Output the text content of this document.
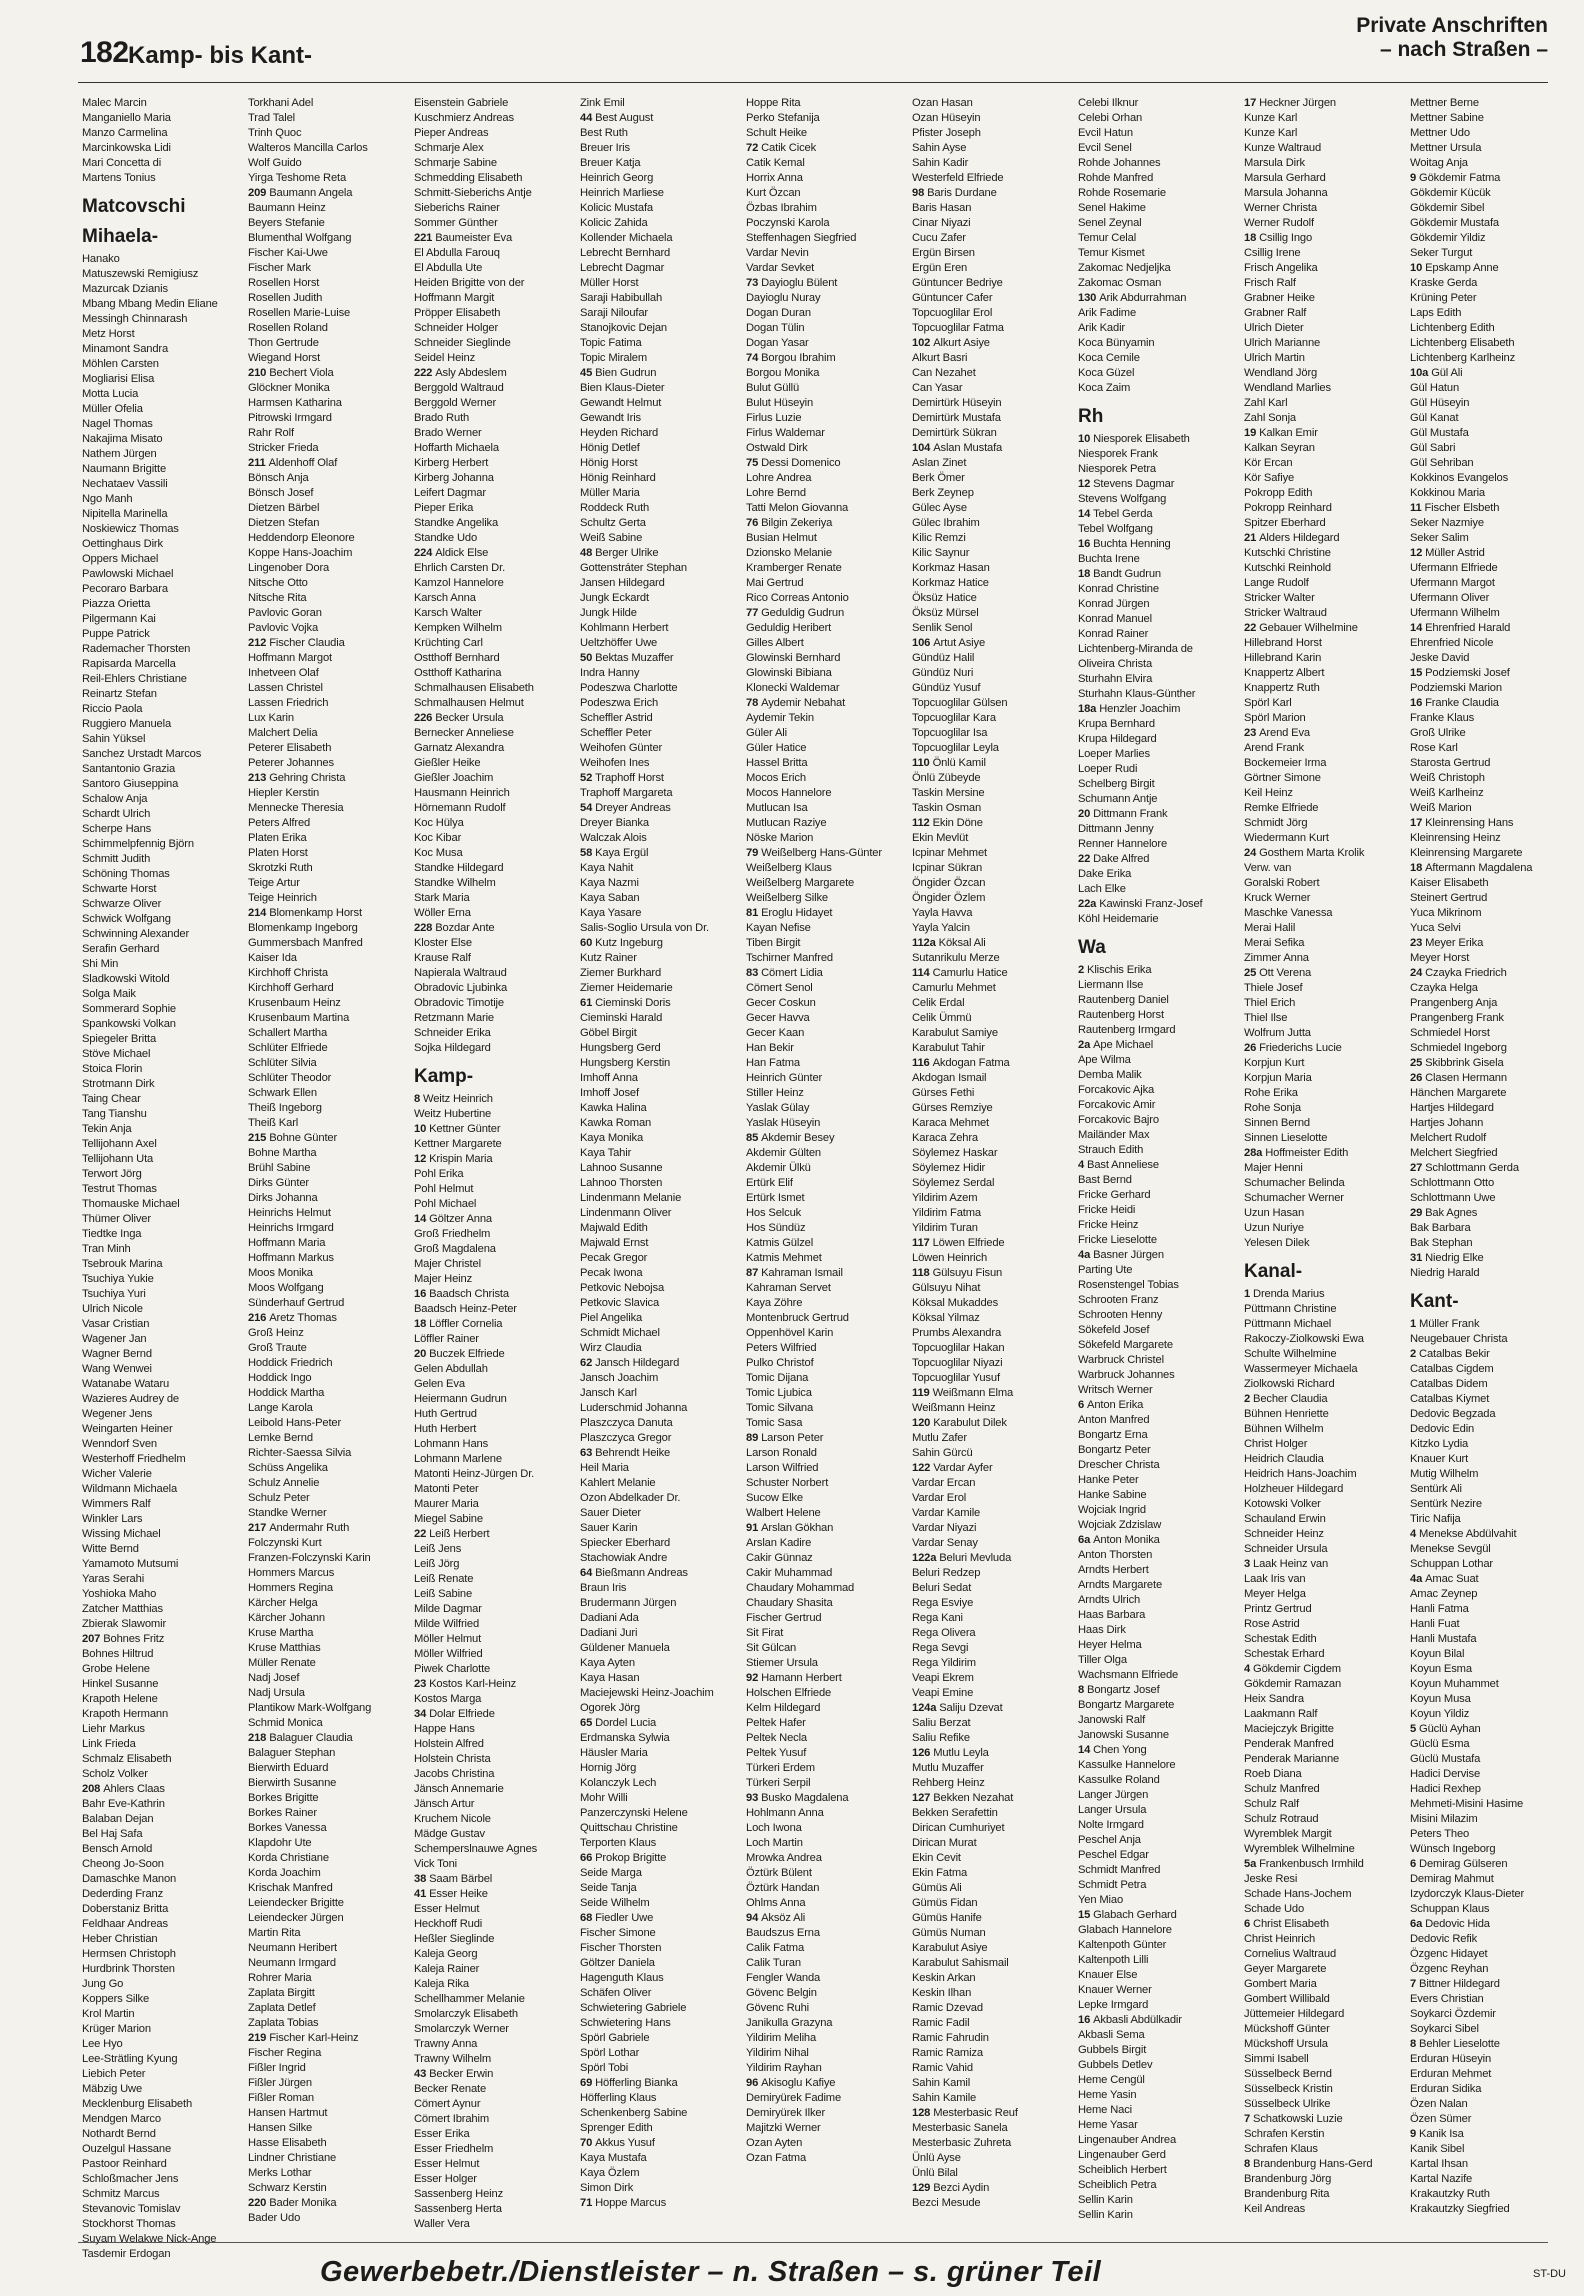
182 Kamp- bis Kant-
Private Anschriften
– nach Straßen –
Malec Marcin
Manganiello Maria
Manzo Carmelina
Marcinkowska Lidi
Mari Concetta di
Martens Tonius
Matcovschi Mihaela-
Hanako
Matuszewski Remigiusz
Mazurcak Dzianis
Mbang Mbang Medin Eliane
Messingh Chinnarash
Metz Horst
Minamont Sandra
Möhlen Carsten
Mogliarisi Elisa
Motta Lucia
Müller Ofelia
Nagel Thomas
Nakajima Misato
Nathem Jürgen
Naumann Brigitte
Nechataev Vassili
Ngo Manh
Nipitella Marinella
Noskiewicz Thomas
Oettinghaus Dirk
Oppers Michael
Pawlowski Michael
Pecoraro Barbara
Piazza Orietta
Pilgermann Kai
Puppe Patrick
Rademacher Thorsten
Rapisarda Marcella
Reil-Ehlers Christiane
Reinartz Stefan
Riccio Paola
Ruggiero Manuela
Sahin Yüksel
Sanchez Urstadt Marcos
Santantonio Grazia
Santoro Giuseppina
Schalow Anja
Schardt Ulrich
Scherpe Hans
Schimmelpfennig Björn
Schmitt Judith
Schöning Thomas
Schwarte Horst
Schwarze Oliver
Schwick Wolfgang
Schwinning Alexander
Serafin Gerhard
Shi Min
Sladkowski Witold
Solga Maik
Sommerard Sophie
Spankowski Volkan
Spiegeler Britta
Stöve Michael
Stoica Florin
Strotmann Dirk
Taing Chear
Tang Tianshu
Tekin Anja
Tellijohann Axel
Tellijohann Uta
Terwort Jörg
Testrut Thomas
Thomauske Michael
Thümer Oliver
Tiedtke Inga
Tran Minh
Tsebrouk Marina
Tsuchiya Yukie
Tsuchiya Yuri
Ulrich Nicole
Vasar Cristian
Wagener Jan
Wagner Bernd
Wang Wenwei
Watanabe Wataru
Wazieres Audrey de
Wegener Jens
Weingarten Heiner
Wenndorf Sven
Westerhoff Friedhelm
Wicher Valerie
Wildmann Michaela
Wimmers Ralf
Winkler Lars
Wissing Michael
Witte Bernd
Yamamoto Mutsumi
Yaras Serahi
Yoshioka Maho
Zatcher Matthias
Zbierak Slawomir
207 Bohnes Fritz
Bohnes Hiltrud
Grobe Helene
Hinkel Susanne
Krapoth Helene
Krapoth Hermann
Liehr Markus
Link Frieda
Schmalz Elisabeth
Scholz Volker
208 Ahlers Claas
Bahr Eve-Kathrin
Balaban Dejan
Bel Haj Safa
Bensch Arnold
Cheong Jo-Soon
Damaschke Manon
Dederding Franz
Doberstaniz Britta
Feldhaar Andreas
Heber Christian
Hermsen Christoph
Hurdbrink Thorsten
Jung Go
Koppers Silke
Krol Martin
Krüger Marion
Lee Hyo
Lee-Strätling Kyung
Liebich Peter
Mäbzig Uwe
Mecklenburg Elisabeth
Mendgen Marco
Nothardt Bernd
Ouzelgul Hassane
Pastoor Reinhard
Schloßmacher Jens
Schmitz Marcus
Stevanovic Tomislav
Stockhorst Thomas
Suyam Welakwe Nick-Ange
Tasdemir Erdogan
Torkhani Adel
Trad Talel
Trinh Quoc
Walteros Mancilla Carlos
Wolf Guido
Yirga Teshome Reta
209 Baumann Angela
Baumann Heinz
Beyers Stefanie
Blumenthal Wolfgang
Fischer Kai-Uwe
Fischer Mark
Rosellen Horst
Rosellen Judith
Rosellen Marie-Luise
Rosellen Roland
Thon Gertrude
Wiegand Horst
210 Bechert Viola
Glöckner Monika
Harmsen Katharina
Pitrowski Irmgard
Rahr Rolf
Stricker Frieda
211 Aldenhoff Olaf
Bönsch Anja
Bönsch Josef
Dietzen Bärbel
Dietzen Stefan
Heddendorp Eleonore
Koppe Hans-Joachim
Lingenober Dora
Nitsche Otto
Nitsche Rita
Pavlovic Goran
Pavlovic Vojka
212 Fischer Claudia
Hoffmann Margot
Inhetveen Olaf
Lassen Christel
Lassen Friedrich
Lux Karin
Malchert Delia
Peterer Elisabeth
Peterer Johannes
213 Gehring Christa
Hiepler Kerstin
Mennecke Theresia
Peters Alfred
Platen Erika
Platen Horst
Skrotzki Ruth
Teige Artur
Teige Heinrich
214 Blomenkamp Horst
Blomenkamp Ingeborg
Gummersbach Manfred
Kaiser Ida
Kirchhoff Christa
Kirchhoff Gerhard
Krusenbaum Heinz
Krusenbaum Martina
Schallert Martha
Schlüter Elfriede
Schlüter Silvia
Schlüter Theodor
Schwark Ellen
Theiß Ingeborg
Theiß Karl
215 Bohne Günter
Bohne Martha
Brühl Sabine
Dirks Günter
Dirks Johanna
Heinrichs Helmut
Heinrichs Irmgard
Hoffmann Maria
Hoffmann Markus
Moos Monika
Moos Wolfgang
Sünderhauf Gertrud
216 Aretz Thomas
Groß Heinz
Groß Traute
Hoddick Friedrich
Hoddick Ingo
Hoddick Martha
Lange Karola
Leibold Hans-Peter
Lemke Bernd
Richter-Saessa Silvia
Schüss Angelika
Schulz Annelie
Schulz Peter
Standke Werner
217 Andermahr Ruth
Folczynski Kurt
Franzen-Folczynski Karin
Hommers Marcus
Hommers Regina
Kärcher Helga
Kärcher Johann
Kruse Martha
Kruse Matthias
Müller Renate
Nadj Josef
Nadj Ursula
Plantikow Mark-Wolfgang
Schmid Monica
218 Balaguer Claudia
Balaguer Stephan
Bierwirth Eduard
Bierwirth Susanne
Borkes Brigitte
Borkes Rainer
Borkes Vanessa
Klapdohr Ute
Korda Christiane
Korda Joachim
Krischak Manfred
Leiendecker Brigitte
Leiendecker Jürgen
Martin Rita
Neumann Heribert
Neumann Irmgard
Rohrer Maria
Zaplata Birgitt
Zaplata Detlef
Zaplata Tobias
219 Fischer Karl-Heinz
Fischer Regina
Fißler Ingrid
Fißler Jürgen
Fißler Roman
Hansen Hartmut
Hansen Silke
Hasse Elisabeth
Lindner Christiane
Merks Lothar
Schwarz Kerstin
220 Bader Monika
Bader Udo
Eisenstein Gabriele
Kuschmierz Andreas
Pieper Andreas
Schmarje Alex
Schmarje Sabine
Schmedding Elisabeth
Schmitt-Sieberichs Antje
Sieberichs Rainer
Sommer Günther
221 Baumeister Eva
El Abdulla Farouq
El Abdulla Ute
Heiden Brigitte von der
Hoffmann Margit
Pröpper Elisabeth
Schneider Holger
Schneider Sieglinde
Seidel Heinz
222 Asly Abdeslem
Berggold Waltraud
Berggold Werner
Brado Ruth
Brado Werner
Hoffarth Michaela
Kirberg Herbert
Kirberg Johanna
Leifert Dagmar
Pieper Erika
Standke Angelika
Standke Udo
224 Aldick Else
Ehrlich Carsten Dr.
Kamzol Hannelore
Karsch Anna
Karsch Walter
Kempken Wilhelm
Krüchting Carl
Ostthoff Bernhard
Ostthoff Katharina
Schmalhausen Elisabeth
Schmalhausen Helmut
226 Becker Ursula
Bernecker Anneliese
Garnatz Alexandra
Gießler Heike
Gießler Joachim
Hausmann Heinrich
Hörnemann Rudolf
Koc Hülya
Koc Kibar
Koc Musa
Standke Hildegard
Standke Wilhelm
Stark Maria
Wöller Erna
228 Bozdar Ante
Kloster Else
Krause Ralf
Napierala Waltraud
Obradovic Ljubinka
Obradovic Timotije
Retzmann Marie
Schneider Erika
Sojka Hildegard
Kamp-
8 Weitz Heinrich
Weitz Hubertine
10 Kettner Günter
Kettner Margarete
12 Krispin Maria
Pohl Erika
Pohl Helmut
Pohl Michael
14 Göltzer Anna
Groß Friedhelm
Groß Magdalena
Majer Christel
Majer Heinz
16 Baadsch Christa
Baadsch Heinz-Peter
18 Löffler Cornelia
Löffler Rainer
20 Buczek Elfriede
Gelen Abdullah
Gelen Eva
Heiermann Gudrun
Huth Gertrud
Huth Herbert
Lohmann Hans
Lohmann Marlene
Matonti Heinz-Jürgen Dr.
Matonti Peter
Maurer Maria
Miegel Sabine
22 Leiß Herbert
Leiß Jens
Leiß Jörg
Leiß Renate
Leiß Sabine
Milde Dagmar
Milde Wilfried
Möller Helmut
Möller Wilfried
Piwek Charlotte
23 Kostos Karl-Heinz
Kostos Marga
34 Dolar Elfriede
Happe Hans
Holstein Alfred
Holstein Christa
Jacobs Christina
Jänsch Annemarie
Jänsch Artur
Kruchem Nicole
Mädge Gustav
Schemperslnauwe Agnes
Vick Toni
38 Saam Bärbel
41 Esser Heike
Esser Helmut
Heckhoff Rudi
Heßler Sieglinde
Kaleja Georg
Kaleja Rainer
Kaleja Rika
Schellhammer Melanie
Smolarczyk Elisabeth
Smolarczyk Werner
Trawny Anna
Trawny Wilhelm
43 Becker Erwin
Becker Renate
Cömert Aynur
Cömert Ibrahim
Esser Erika
Esser Friedhelm
Esser Helmut
Esser Holger
Sassenberg Heinz
Sassenberg Herta
Waller Vera
Zink Emil
44 Best August
Best Ruth
Breuer Iris
Breuer Katja
Heinrich Georg
Heinrich Marliese
Kolicic Mustafa
Kolicic Zahida
Kollender Michaela
Lebrecht Bernhard
Lebrecht Dagmar
Müller Horst
Saraji Habibullah
Saraji Niloufar
Stanojkovic Dejan
Topic Fatima
Topic Miralem
45 Bien Gudrun
Bien Klaus-Dieter
Gewandt Helmut
Gewandt Iris
Heyden Richard
Hönig Detlef
Hönig Horst
Hönig Reinhard
Müller Maria
Roddeck Ruth
Schultz Gerta
Weiß Sabine
48 Berger Ulrike
Gottenstráter Stephan
Jansen Hildegard
Jungk Eckardt
Jungk Hilde
Kohlmann Herbert
Ueltzhöffer Uwe
50 Bektas Muzaffer
Indra Hanny
Podeszwa Charlotte
Podeszwa Erich
Scheffler Astrid
Scheffler Peter
Weihofen Günter
Weihofen Ines
52 Traphoff Horst
Traphoff Margareta
54 Dreyer Andreas
Dreyer Bianka
Walczak Alois
58 Kaya Ergül
Kaya Nahit
Kaya Nazmi
Kaya Saban
Kaya Yasare
Salis-Soglio Ursula von Dr.
60 Kutz Ingeburg
Kutz Rainer
Ziemer Burkhard
Ziemer Heidemarie
61 Cieminski Doris
Cieminski Harald
Göbel Birgit
Hungsberg Gerd
Hungsberg Kerstin
Imhoff Anna
Imhoff Josef
Kawka Halina
Kawka Roman
Kaya Monika
Kaya Tahir
Lahnoo Susanne
Lahnoo Thorsten
Lindenmann Melanie
Lindenmann Oliver
Majwald Edith
Majwald Ernst
Pecak Gregor
Pecak Iwona
Petkovic Nebojsa
Petkovic Slavica
Piel Angelika
Schmidt Michael
Wirz Claudia
62 Jansch Hildegard
Jansch Joachim
Jansch Karl
Luderschmid Johanna
Plaszczyca Danuta
Plaszczyca Gregor
63 Behrendt Heike
Heil Maria
Kahlert Melanie
Ozon Abdelkader Dr.
Sauer Dieter
Sauer Karin
Spiecker Eberhard
Stachowiak Andre
64 Bießmann Andreas
Braun Iris
Brudermann Jürgen
Dadiani Ada
Dadiani Juri
Güldener Manuela
Kaya Ayten
Kaya Hasan
Maciejewski Heinz-Joachim
Ogorek Jörg
65 Dordel Lucia
Erdmanska Sylwia
Häusler Maria
Hornig Jörg
Kolanczyk Lech
Mohr Willi
Panzerczynski Helene
Quittschau Christine
Terporten Klaus
66 Prokop Brigitte
Seide Marga
Seide Tanja
Seide Wilhelm
68 Fiedler Uwe
Fischer Simone
Fischer Thorsten
Göltzer Daniela
Hagenguth Klaus
Schäfen Oliver
Schwietering Gabriele
Schwietering Hans
Spörl Gabriele
Spörl Lothar
Spörl Tobi
69 Höfferling Bianka
Höfferling Klaus
Schenkenberg Sabine
Sprenger Edith
70 Akkus Yusuf
Kaya Mustafa
Kaya Özlem
Simon Dirk
71 Hoppe Marcus
Hoppe Rita
Perko Stefanija
Schult Heike
72 Catik Cicek
Catik Kemal
Horrix Anna
Kurt Özcan
Özbas Ibrahim
Poczynski Karola
Steffenhagen Siegfried
Vardar Nevin
Vardar Sevket
73 Dayioglu Bülent
Dayioglu Nuray
Dogan Duran
Dogan Tülin
Dogan Yasar
74 Borgou Ibrahim
Borgou Monika
Bulut Güllü
Bulut Hüseyin
Firlus Luzie
Firlus Waldemar
Ostwald Dirk
75 Dessi Domenico
Lohre Andrea
Lohre Bernd
Tatti Melon Giovanna
76 Bilgin Zekeriya
Busian Helmut
Dzionsko Melanie
Kramberger Renate
Mai Gertrud
Rico Correas Antonio
77 Geduldig Gudrun
Geduldig Heribert
Gilles Albert
Glowinski Bernhard
Glowinski Bibiana
Klonecki Waldemar
78 Aydemir Nebahat
Aydemir Tekin
Güler Ali
Güler Hatice
Hassel Britta
Mocos Erich
Mocos Hannelore
Mutlucan Isa
Mutlucan Raziye
Nöske Marion
79 Weißelberg Hans-Günter
Weißelberg Klaus
Weißelberg Margarete
Weißelberg Silke
81 Eroglu Hidayet
Kayan Nefise
Tiben Birgit
Tschirner Manfred
83 Cömert Lidia
Cömert Senol
Gecer Coskun
Gecer Havva
Gecer Kaan
Han Bekir
Han Fatma
Heinrich Günter
Stiller Heinz
Yaslak Gülay
Yaslak Hüseyin
85 Akdemir Besey
Akdemir Gülten
Akdemir Ülkü
Ertürk Elif
Ertürk Ismet
Hos Selcuk
Hos Sündüz
Katmis Gülzel
Katmis Mehmet
87 Kahraman Ismail
Kahraman Servet
Kaya Zöhre
Montenbruck Gertrud
Oppenhövel Karin
Peters Wilfried
Pulko Christof
Tomic Dijana
Tomic Ljubica
Tomic Silvana
Tomic Sasa
89 Larson Peter
Larson Ronald
Larson Wilfried
Schuster Norbert
Sucow Elke
Walbert Helene
91 Arslan Gökhan
Arslan Kadire
Cakir Günnaz
Cakir Muhammad
Chaudary Mohammad
Chaudary Shasita
Fischer Gertrud
Sit Firat
Sit Gülcan
Stiemer Ursula
92 Hamann Herbert
Holschen Elfriede
Kelm Hildegard
Peltek Hafer
Peltek Necla
Peltek Yusuf
Türkeri Erdem
Türkeri Serpil
93 Busko Magdalena
Hohlmann Anna
Loch Iwona
Loch Martin
Mrowka Andrea
Öztürk Bülent
Öztürk Handan
Ohlms Anna
94 Aksöz Ali
Baudszus Erna
Calik Fatma
Calik Turan
Fengler Wanda
Gövenc Belgin
Gövenc Ruhi
Janikulla Grazyna
Yildirim Meliha
Yildirim Nihal
Yildirim Rayhan
96 Akisoglu Kafiye
Demiryürek Fadime
Demiryürek Ilker
Majitzki Werner
Ozan Ayten
Ozan Fatma
Ozan Hasan
Ozan Hüseyin
Pfister Joseph
Sahin Ayse
Sahin Kadir
Westerfeld Elfriede
98 Baris Durdane
Baris Hasan
Cinar Niyazi
Cucu Zafer
Ergün Birsen
Ergün Eren
Güntuncer Bedriye
Güntuncer Cafer
Topcuoglilar Erol
Topcuoglilar Fatma
102 Alkurt Asiye
Alkurt Basri
Can Nezahet
Can Yasar
Demirtürk Hüseyin
Demirtürk Mustafa
Demirtürk Sükran
104 Aslan Mustafa
Aslan Zinet
Berk Ömer
Berk Zeynep
Gülec Ayse
Gülec Ibrahim
Kilic Remzi
Kilic Saynur
Korkmaz Hasan
Korkmaz Hatice
Öksüz Hatice
Öksüz Mürsel
Senlik Senol
106 Artut Asiye
Gündüz Halil
Gündüz Nuri
Gündüz Yusuf
Topcuoglilar Gülsen
Topcuoglilar Kara
Topcuoglilar Isa
Topcuoglilar Leyla
110 Önlü Kamil
Önlü Zübeyde
Taskin Mersine
Taskin Osman
112 Ekin Döne
Ekin Mevlüt
Icpinar Mehmet
Icpinar Sükran
Öngider Özcan
Öngider Özlem
Yayla Havva
Yayla Yalcin
112a Köksal Ali
Sutanrikulu Merze
114 Camurlu Hatice
Camurlu Mehmet
Celik Erdal
Celik Ümmü
Karabulut Samiye
Karabulut Tahir
116 Akdogan Fatma
Akdogan Ismail
Gürses Fethi
Gürses Remziye
Karaca Mehmet
Karaca Zehra
Söylemez Haskar
Söylemez Hidir
Söylemez Serdal
Yildirim Azem
Yildirim Fatma
Yildirim Turan
117 Löwen Elfriede
Löwen Heinrich
118 Gülsuyu Fisun
Gülsuyu Nihat
Köksal Mukaddes
Köksal Yilmaz
Prumbs Alexandra
Topcuoglilar Hakan
Topcuoglilar Niyazi
Topcuoglilar Yusuf
119 Weißmann Elma
Weißmann Heinz
120 Karabulut Dilek
Mutlu Zafer
Sahin Gürcü
122 Vardar Ayfer
Vardar Ercan
Vardar Erol
Vardar Kamile
Vardar Niyazi
Vardar Senay
122a Beluri Mevluda
Beluri Redzep
Beluri Sedat
Rega Esviye
Rega Kani
Rega Olivera
Rega Sevgi
Rega Yildirim
Veapi Ekrem
Veapi Emine
124a Saliju Dzevat
Saliu Berzat
Saliu Refike
126 Mutlu Leyla
Mutlu Muzaffer
Rehberg Heinz
127 Bekken Nezahat
Bekken Serafettin
Dirican Cumhuriyet
Dirican Murat
Ekin Cevit
Ekin Fatma
Gümüs Ali
Gümüs Fidan
Gümüs Hanife
Gümüs Numan
Karabulut Asiye
Karabulut Sahismail
Keskin Arkan
Keskin Ilhan
Ramic Dzevad
Ramic Fadil
Ramic Fahrudin
Ramic Ramiza
Ramic Vahid
Sahin Kamil
Sahin Kamile
128 Mesterbasic Reuf
Mesterbasic Sanela
Mesterbasic Zuhreta
Ünlü Ayse
Ünlü Bilal
129 Bezci Aydin
Bezci Mesude
Celebi Ilknur
Celebi Orhan
Evcil Hatun
Evcil Senel
Rohde Johannes
Rohde Manfred
Rohde Rosemarie
Senel Hakime
Senel Zeynal
Temur Celal
Temur Kismet
Zakomac Nedjeljka
Zakomac Osman
130 Arik Abdurrahman
Arik Fadime
Arik Kadir
Koca Bünyamin
Koca Cemile
Koca Güzel
Koca Zaim
Rh
10 Niesporek Elisabeth
Niesporek Frank
Niesporek Petra
12 Stevens Dagmar
Stevens Wolfgang
14 Tebel Gerda
Tebel Wolfgang
16 Buchta Henning
Buchta Irene
18 Bandt Gudrun
Konrad Christine
Konrad Jürgen
Konrad Manuel
Konrad Rainer
Lichtenberg-Miranda de
Oliveira Christa
Sturhahn Elvira
Sturhahn Klaus-Günther
18a Henzler Joachim
Krupa Bernhard
Krupa Hildegard
Loeper Marlies
Loeper Rudi
Schelberg Birgit
Schumann Antje
20 Dittmann Frank
Dittmann Jenny
Renner Hannelore
22 Dake Alfred
Dake Erika
Lach Elke
22a Kawinski Franz-Josef
Köhl Heidemarie
Wa
2 Klischis Erika
Liermann Ilse
Rautenberg Daniel
Rautenberg Horst
Rautenberg Irmgard
2a Ape Michael
Ape Wilma
Demba Malik
Forcakovic Ajka
Forcakovic Amir
Forcakovic Bajro
Mailänder Max
Strauch Edith
4 Bast Anneliese
Bast Bernd
Fricke Gerhard
Fricke Heidi
Fricke Heinz
Fricke Lieselotte
4a Basner Jürgen
Parting Ute
Rosenstengel Tobias
Schrooten Franz
Schrooten Henny
Sökefeld Josef
Sökefeld Margarete
Warbruck Christel
Warbruck Johannes
Writsch Werner
6 Anton Erika
Anton Manfred
Bongartz Erna
Bongartz Peter
Drescher Christa
Hanke Peter
Hanke Sabine
Wojciak Ingrid
Wojciak Zdzislaw
6a Anton Monika
Anton Thorsten
Arndts Herbert
Arndts Margarete
Arndts Ulrich
Haas Barbara
Haas Dirk
Heyer Helma
Tiller Olga
Wachsmann Elfriede
8 Bongartz Josef
Bongartz Margarete
Janowski Ralf
Janowski Susanne
14 Chen Yong
Kassulke Hannelore
Kassulke Roland
Langer Jürgen
Langer Ursula
Nolte Irmgard
Peschel Anja
Peschel Edgar
Schmidt Manfred
Schmidt Petra
Yen Miao
15 Glabach Gerhard
Glabach Hannelore
Kaltenpoth Günter
Kaltenpoth Lilli
Knauer Else
Knauer Werner
Lepke Irmgard
16 Akbasli Abdülkadir
Akbasli Sema
Gubbels Birgit
Gubbels Detlev
Heme Cengül
Heme Yasin
Heme Naci
Heme Yasar
Lingenauber Andrea
Lingenauber Gerd
Scheiblich Herbert
Scheiblich Petra
Sellin Karin
Sellin Karin
17 Heckner Jürgen
Kunze Karl
Kunze Karl
Kunze Waltraud
Marsula Dirk
Marsula Gerhard
Marsula Johanna
Werner Christa
Werner Rudolf
18 Csillig Ingo
Csillig Irene
Frisch Angelika
Frisch Ralf
Grabner Heike
Grabner Ralf
Ulrich Dieter
Ulrich Marianne
Ulrich Martin
Wendland Jörg
Wendland Marlies
Zahl Karl
Zahl Sonja
19 Kalkan Emir
Kalkan Seyran
Kör Ercan
Kör Safiye
Pokropp Edith
Pokropp Reinhard
Spitzer Eberhard
21 Alders Hildegard
Kutschki Christine
Kutschki Reinhold
Lange Rudolf
Stricker Walter
Stricker Waltraud
22 Gebauer Wilhelmine
Hillebrand Horst
Hillebrand Karin
Knappertz Albert
Knappertz Ruth
Spörl Karl
Spörl Marion
23 Arend Eva
Arend Frank
Bockemeier Irma
Görtner Simone
Keil Heinz
Remke Elfriede
Schmidt Jörg
Wiedermann Kurt
24 Gosthem Marta Krolik
Verw. van
Goralski Robert
Kruck Werner
Maschke Vanessa
Merai Halil
Merai Sefika
Zimmer Anna
25 Ott Verena
Thiele Josef
Thiel Erich
Thiel Ilse
Wolfrum Jutta
26 Friederichs Lucie
Korpjun Kurt
Korpjun Maria
Rohe Erika
Rohe Sonja
Sinnen Bernd
Sinnen Lieselotte
28a Hoffmeister Edith
Majer Henni
Schumacher Belinda
Schumacher Werner
Uzun Hasan
Uzun Nuriye
Yelesen Dilek
Kanal-
1 Drenda Marius
Püttmann Christine
Püttmann Michael
Rakoczy-Ziolkowski Ewa
Schulte Wilhelmine
Wassermeyer Michaela
Ziolkowski Richard
2 Becher Claudia
Bühnen Henriette
Bühnen Wilhelm
Christ Holger
Heidrich Claudia
Heidrich Hans-Joachim
Holzheuer Hildegard
Kotowski Volker
Schauland Erwin
Schneider Heinz
Schneider Ursula
3 Laak Heinz van
Laak Iris van
Meyer Helga
Printz Gertrud
Rose Astrid
Schestak Edith
Schestak Erhard
4 Gökdemir Cigdem
Gökdemir Ramazan
Heix Sandra
Laakmann Ralf
Maciejczyk Brigitte
Penderak Manfred
Penderak Marianne
Roeb Diana
Schulz Manfred
Schulz Ralf
Schulz Rotraud
Wyremblek Margit
Wyremblek Wilhelmine
5a Frankenbusch Irmhild
Jeske Resi
Schade Hans-Jochem
Schade Udo
6 Christ Elisabeth
Christ Heinrich
Cornelius Waltraud
Geyer Margarete
Gombert Maria
Gombert Willibald
Jüttemeier Hildegard
Mückshoff Günter
Mückshoff Ursula
Simmi Isabell
Süsselbeck Bernd
Süsselbeck Kristin
Süsselbeck Ulrike
7 Schatkowski Luzie
Schrafen Kerstin
Schrafen Klaus
8 Brandenburg Hans-Gerd
Brandenburg Jörg
Brandenburg Rita
Keil Andreas
Mettner Berne
Mettner Sabine
Mettner Udo
Mettner Ursula
Woitag Anja
9 Gökdemir Fatma
Gökdemir Kücük
Gökdemir Sibel
Gökdemir Mustafa
Gökdemir Yildiz
Seker Turgut
10 Epskamp Anne
Kraske Gerda
Krüning Peter
Laps Edith
Lichtenberg Edith
Lichtenberg Elisabeth
Lichtenberg Karlheinz
10a Gül Ali
Gül Hatun
Gül Hüseyin
Gül Kanat
Gül Mustafa
Gül Sabri
Gül Sehriban
Kokkinos Evangelos
Kokkinou Maria
11 Fischer Elsbeth
Seker Nazmiye
Seker Salim
12 Müller Astrid
Ufermann Elfriede
Ufermann Margot
Ufermann Oliver
Ufermann Wilhelm
14 Ehrenfried Harald
Ehrenfried Nicole
Jeske David
15 Podziemski Josef
Podziemski Marion
16 Franke Claudia
Franke Klaus
Groß Ulrike
Rose Karl
Starosta Gertrud
Weiß Christoph
Weiß Karlheinz
Weiß Marion
17 Kleinrensing Hans
Kleinrensing Heinz
Kleinrensing Margarete
18 Aftermann Magdalena
Kaiser Elisabeth
Steinert Gertrud
Yuca Mikrinom
Yuca Selvi
23 Meyer Erika
Meyer Horst
24 Czayka Friedrich
Czayka Helga
Prangenberg Anja
Prangenberg Frank
Schmiedel Horst
Schmiedel Ingeborg
25 Skibbrink Gisela
26 Clasen Hermann
Hänchen Margarete
Hartjes Hildegard
Hartjes Johann
Melchert Rudolf
Melchert Siegfried
27 Schlottmann Gerda
Schlottmann Otto
Schlottmann Uwe
29 Bak Agnes
Bak Barbara
Bak Stephan
31 Niedrig Elke
Niedrig Harald
Kant-
1 Müller Frank
Neugebauer Christa
2 Catalbas Bekir
Catalbas Cigdem
Catalbas Didem
Catalbas Kiymet
Dedovic Begzada
Dedovic Edin
Kitzko Lydia
Knauer Kurt
Mutig Wilhelm
Sentürk Ali
Sentürk Nezire
Tiric Nafija
4 Menekse Abdülvahit
Menekse Sevgül
Schuppan Lothar
4a Amac Suat
Amac Zeynep
Hanli Fatma
Hanli Fuat
Hanli Mustafa
Koyun Bilal
Koyun Esma
Koyun Muhammet
Koyun Musa
Koyun Yildiz
5 Güclü Ayhan
Güclü Esma
Güclü Mustafa
Hadici Dervise
Hadici Rexhep
Mehmeti-Misini Hasime
Misini Milazim
Peters Theo
Wünsch Ingeborg
6 Demirag Gülseren
Demirag Mahmut
Izydorczyk Klaus-Dieter
Schuppan Klaus
6a Dedovic Hida
Dedovic Refik
Özgenc Hidayet
Özgenc Reyhan
7 Bittner Hildegard
Evers Christian
Soykarci Özdemir
Soykarci Sibel
8 Behler Lieselotte
Erduran Hüseyin
Erduran Mehmet
Erduran Sidika
Özen Nalan
Özen Sümer
9 Kanik Isa
Kanik Sibel
Kartal Ihsan
Kartal Nazife
Krakautzky Ruth
Krakautzky Siegfried
Gewerbebetr./Dienstleister – n. Straßen – s. grüner Teil	ST-DU
